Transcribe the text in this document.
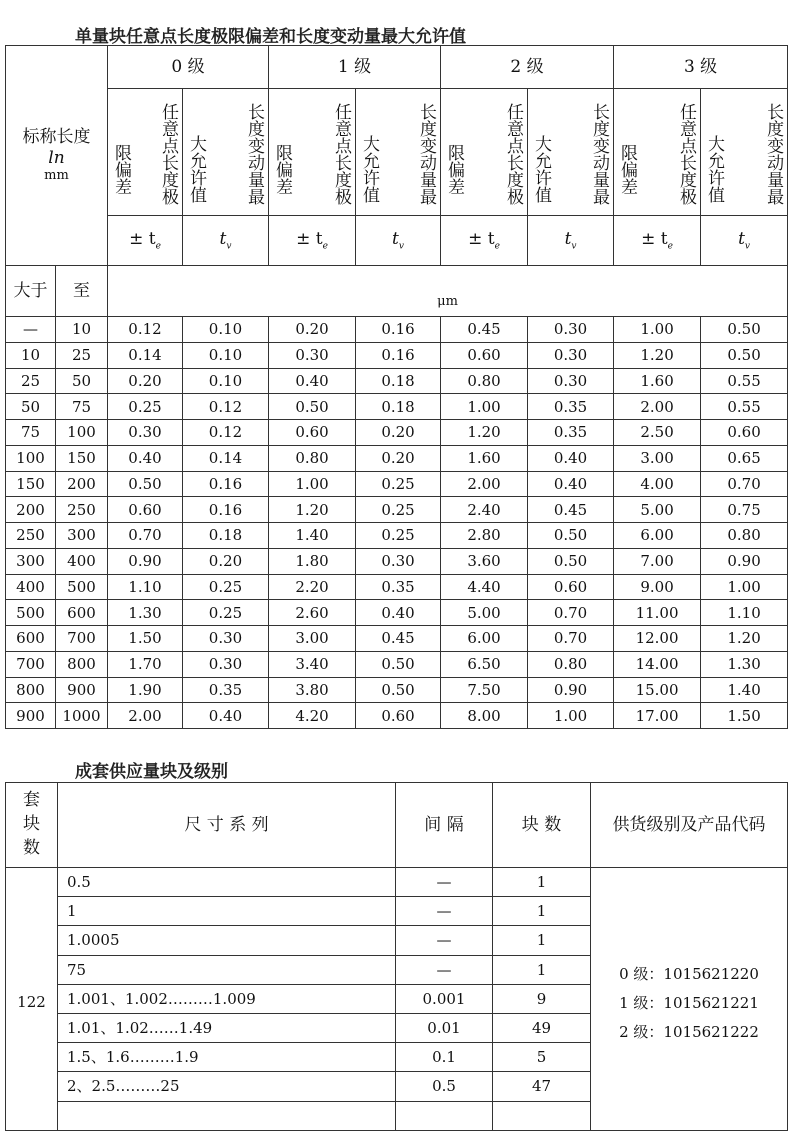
单量块任意点长度极限偏差和长度变动量最大允许值
标称长度
ln
mm		0 级		1 级		2 级		3 级	

		限偏差 任意点长度极	大允许值 长度变动量最	限偏差 任意点长度极	大允许值 长度变动量最	限偏差 任意点长度极	大允许值 长度变动量最	限偏差 任意点长度极	大允许值 长度变动量最

		± $t_e$	$t_v$	± $t_e$	$t_v$	± $t_e$	$t_v$	± $t_e$	$t_v$
大于	至	μm							
—	10	0.12	0.10	0.20	0.16	0.45	0.30	1.00	0.50
10	25	0.14	0.10	0.30	0.16	0.60	0.30	1.20	0.50
25	50	0.20	0.10	0.40	0.18	0.80	0.30	1.60	0.55
50	75	0.25	0.12	0.50	0.18	1.00	0.35	2.00	0.55
75	100	0.30	0.12	0.60	0.20	1.20	0.35	2.50	0.60
100	150	0.40	0.14	0.80	0.20	1.60	0.40	3.00	0.65
150	200	0.50	0.16	1.00	0.25	2.00	0.40	4.00	0.70
200	250	0.60	0.16	1.20	0.25	2.40	0.45	5.00	0.75
250	300	0.70	0.18	1.40	0.25	2.80	0.50	6.00	0.80
300	400	0.90	0.20	1.80	0.30	3.60	0.50	7.00	0.90
400	500	1.10	0.25	2.20	0.35	4.40	0.60	9.00	1.00
500	600	1.30	0.25	2.60	0.40	5.00	0.70	11.00	1.10
600	700	1.50	0.30	3.00	0.45	6.00	0.70	12.00	1.20
700	800	1.70	0.30	3.40	0.50	6.50	0.80	14.00	1.30
800	900	1.90	0.35	3.80	0.50	7.50	0.90	15.00	1.40
900	1000	2.00	0.40	4.20	0.60	8.00	1.00	17.00	1.50
成套供应量块及级别
套块数	尺 寸 系 列	间 隔	块 数	供货级别及产品代码
122	0.5	—	1	0 级：1015621220
1 级：1015621221
2 级：1015621222

	1	—	1	
	1.0005	—	1	
	75	—	1	
	1.001、1.002………1.009	0.001	9	
	1.01、1.02……1.49	0.01	49	
	1.5、1.6………1.9	0.1	5	
	2、2.5………25	0.5	47	
